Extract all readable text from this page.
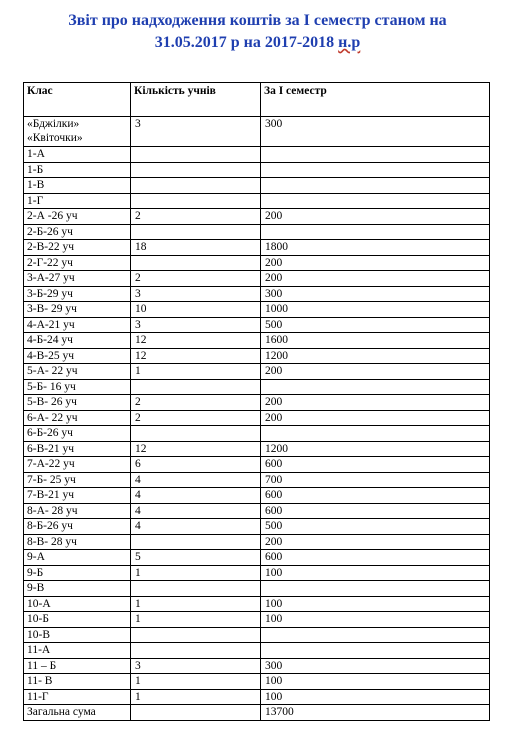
Звіт про надходження коштів за I семестр станом на
31.05.2017 р на 2017-2018 н.р
Клас	Кількість учнів	За I семестр

«Бджілки»
«Квіточки»	3	300
1-А		
1-Б		
1-В		
1-Г		
2-А -26 уч	2	200
2-Б-26 уч		
2-В-22 уч	18	1800
2-Г-22 уч		200
3-А-27 уч	2	200
3-Б-29 уч	3	300
3-В- 29 уч	10	1000
4-А-21 уч	3	500
4-Б-24 уч	12	1600
4-В-25 уч	12	1200
5-А- 22 уч	1	200
5-Б- 16 уч		
5-В- 26 уч	2	200
6-А- 22 уч	2	200
6-Б-26 уч		
6-В-21 уч	12	1200
7-А-22 уч	6	600
7-Б- 25 уч	4	700
7-В-21 уч	4	600
8-А- 28 уч	4	600
8-Б-26 уч	4	500
8-В- 28 уч		200
9-А	5	600
9-Б	1	100
9-В		
10-А	1	100
10-Б	1	100
10-В		
11-А		
11 – Б	3	300
11- В	1	100
11-Г	1	100
Загальна сума		13700
